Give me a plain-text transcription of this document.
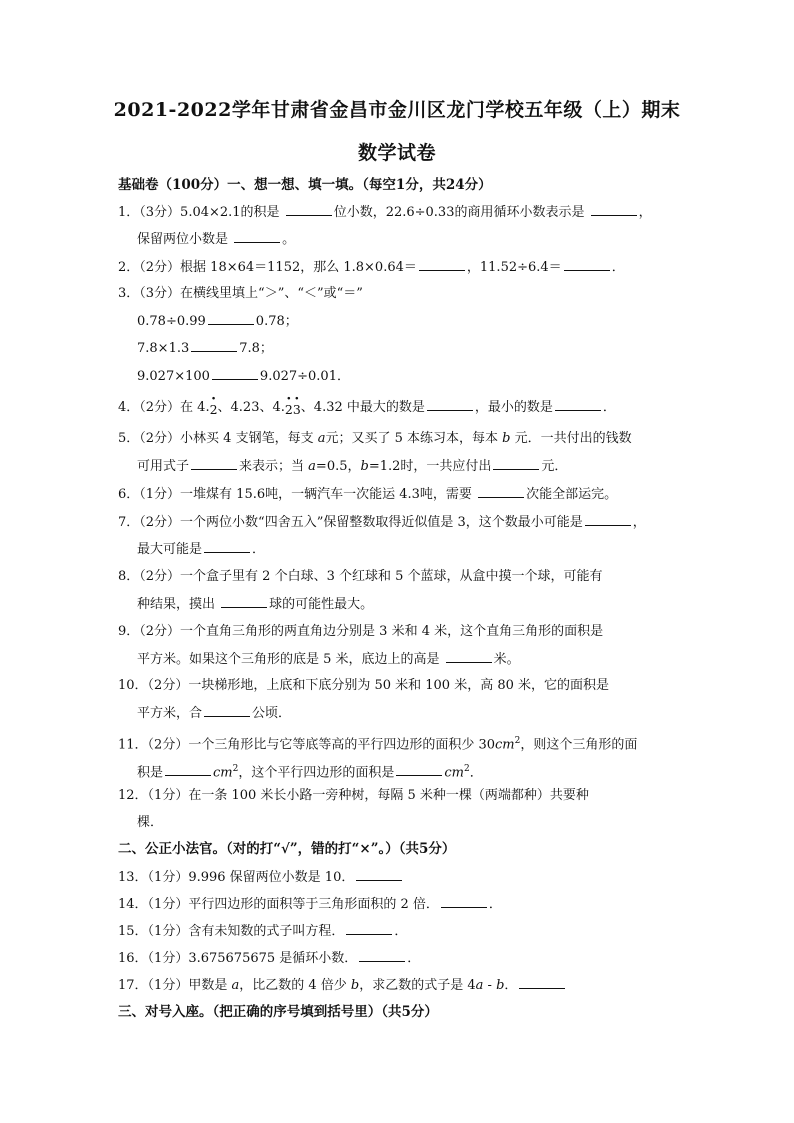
2021-2022学年甘肃省金昌市金川区龙门学校五年级（上）期末
数学试卷
基础卷（100分）一、想一想、填一填。（每空1分，共24分）
1．（3分）5.04×2.1的积是	位小数，22.6÷0.33的商用循环小数表示是	，
保留两位小数是	。
2．（2分）根据 18×64＝1152，那么 1.8×0.64＝	，11.52÷6.4＝	．
3．（3分）在横线里填上“＞”、“＜”或“＝”
0.78÷0.99	0.78；
7.8×1.3	7.8；
9.027×100	9.027÷0.01．
4．（2分）在 4.· 2、4.23、4.· 2· 3、4.32 中最大的数是	，最小的数是	．
5．（2分）小林买 4 支钢笔，每支 a元；又买了 5 本练习本，每本 b 元．一共付出的钱数
可用式子	来表示；当 a=0.5，b=1.2时，一共应付出	元．
6．（1分）一堆煤有 15.6吨，一辆汽车一次能运 4.3吨，需要	次能全部运完。
7．（2分）一个两位小数“四舍五入”保留整数取得近似值是 3，这个数最小可能是	，
最大可能是	．
8．（2分）一个盒子里有 2 个白球、3 个红球和 5 个蓝球，从盒中摸一个球，可能有
种结果，摸出	球的可能性最大。
9．（2分）一个直角三角形的两直角边分别是 3 米和 4 米，这个直角三角形的面积是
平方米。如果这个三角形的底是 5 米，底边上的高是	米。
10．（2分）一块梯形地，上底和下底分别为 50 米和 100 米，高 80 米，它的面积是
平方米，合	公顷．
11．（2分）一个三角形比与它等底等高的平行四边形的面积少 $30cm^2$，则这个三角形的面
积是	$cm^2$，这个平行四边形的面积是	$cm^2$．
12．（1分）在一条 100 米长小路一旁种树，每隔 5 米种一棵（两端都种）共要种
棵．
二、公正小法官。（对的打“√”，错的打“×”。）（共5分）
13．（1分）9.996 保留两位小数是 10．
14．（1分）平行四边形的面积等于三角形面积的 2 倍．	．
15．（1分）含有未知数的式子叫方程．	．
16．（1分）3.675675675 是循环小数．	．
17．（1分）甲数是 a，比乙数的 4 倍少 b，求乙数的式子是 4a - b．
三、对号入座。（把正确的序号填到括号里）（共5分）
